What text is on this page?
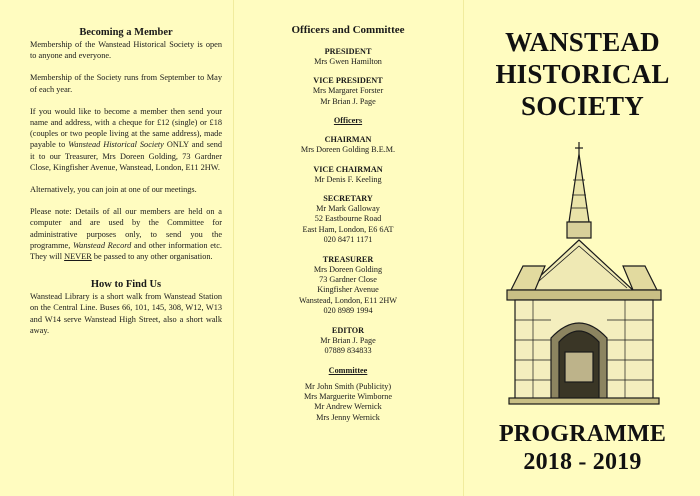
Becoming a Member

Membership of the Wanstead Historical Society is open to anyone and everyone.

Membership of the Society runs from September to May of each year.

If you would like to become a member then send your name and address, with a cheque for £12 (single) or £18 (couples or two people living at the same address), made payable to Wanstead Historical Society ONLY and send it to our Treasurer, Mrs Doreen Golding, 73 Gardner Close, Kingfisher Avenue, Wanstead, London, E11 2HW.

Alternatively, you can join at one of our meetings.

Please note: Details of all our members are held on a computer and are used by the Committee for administrative purposes only, to send you the programme, Wanstead Record and other information etc. They will NEVER be passed to any other organisation.

How to Find Us

Wanstead Library is a short walk from Wanstead Station on the Central Line. Buses 66, 101, 145, 308, W12, W13 and W14 serve Wanstead High Street, also a short walk away.

Officers and Committee
PRESIDENT
Mrs Gwen Hamilton
VICE PRESIDENT
Mrs Margaret Forster
Mr Brian J. Page
Officers
CHAIRMAN
Mrs Doreen Golding B.E.M.
VICE CHAIRMAN
Mr Denis F. Keeling
SECRETARY
Mr Mark Galloway
52 Eastbourne Road
East Ham, London, E6 6AT
020 8471 1171
TREASURER
Mrs Doreen Golding
73 Gardner Close
Kingfisher Avenue
Wanstead, London, E11 2HW
020 8989 1994
EDITOR
Mr Brian J. Page
07889 834833
Committee
Mr John Smith (Publicity)
Mrs Marguerite Wimborne
Mr Andrew Wernick
Mrs Jenny Wernick
WANSTEAD
HISTORICAL
SOCIETY
PROGRAMME
2018 - 2019
